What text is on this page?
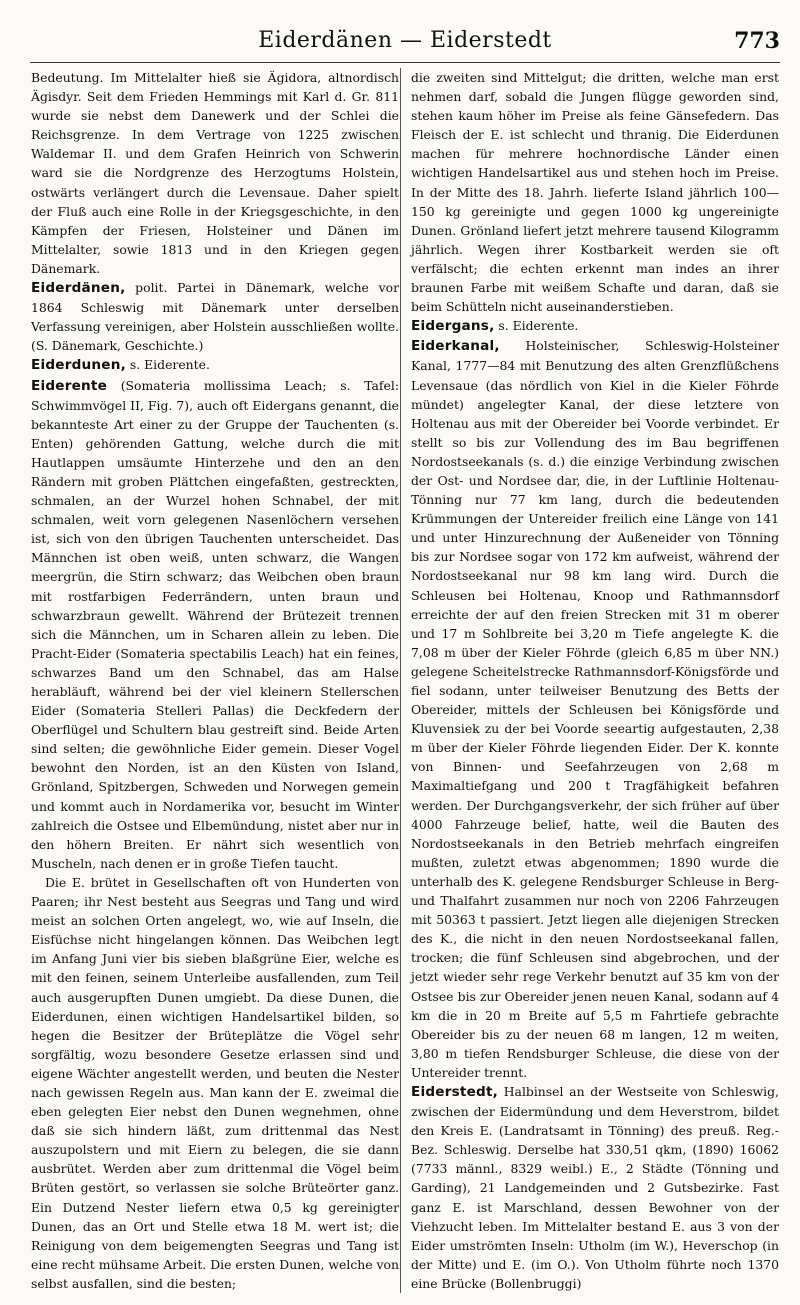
Eiderdänen — Eiderstedt	773

Bedeutung. Im Mittelalter hieß sie Ägidora, altnordisch Ägisdyr. Seit dem Frieden Hemmings mit Karl d. Gr. 811 wurde sie nebst dem Danewerk und der Schlei die Reichsgrenze. In dem Vertrage von 1225 zwischen Waldemar II. und dem Grafen Heinrich von Schwerin ward sie die Nordgrenze des Herzogtums Holstein, ostwärts verlängert durch die Levensaue. Daher spielt der Fluß auch eine Rolle in der Kriegsgeschichte, in den Kämpfen der Friesen, Holsteiner und Dänen im Mittelalter, sowie 1813 und in den Kriegen gegen Dänemark.

Eiderdänen, polit. Partei in Dänemark, welche vor 1864 Schleswig mit Dänemark unter derselben Verfassung vereinigen, aber Holstein ausschließen wollte. (S. Dänemark, Geschichte.)

Eiderdunen, s. Eiderente.

Eiderente (Somateria mollissima Leach; s. Tafel: Schwimmvögel II, Fig. 7), auch oft Eidergans genannt, die bekannteste Art einer zu der Gruppe der Tauchenten (s. Enten) gehörenden Gattung, welche durch die mit Hautlappen umsäumte Hinterzehe und den an den Rändern mit groben Plättchen eingefaßten, gestreckten, schmalen, an der Wurzel hohen Schnabel, der mit schmalen, weit vorn gelegenen Nasenlöchern versehen ist, sich von den übrigen Tauchenten unterscheidet. Das Männchen ist oben weiß, unten schwarz, die Wangen meergrün, die Stirn schwarz; das Weibchen oben braun mit rostfarbigen Federrändern, unten braun und schwarzbraun gewellt. Während der Brütezeit trennen sich die Männchen, um in Scharen allein zu leben. Die Pracht-Eider (Somateria spectabilis Leach) hat ein feines, schwarzes Band um den Schnabel, das am Halse herabläuft, während bei der viel kleinern Stellerschen Eider (Somateria Stelleri Pallas) die Deckfedern der Oberflügel und Schultern blau gestreift sind. Beide Arten sind selten; die gewöhnliche Eider gemein. Dieser Vogel bewohnt den Norden, ist an den Küsten von Island, Grönland, Spitzbergen, Schweden und Norwegen gemein und kommt auch in Nordamerika vor, besucht im Winter zahlreich die Ostsee und Elbemündung, nistet aber nur in den höhern Breiten. Er nährt sich wesentlich von Muscheln, nach denen er in große Tiefen taucht.

Die E. brütet in Gesellschaften oft von Hunderten von Paaren; ihr Nest besteht aus Seegras und Tang und wird meist an solchen Orten angelegt, wo, wie auf Inseln, die Eisfüchse nicht hingelangen können. Das Weibchen legt im Anfang Juni vier bis sieben blaßgrüne Eier, welche es mit den feinen, seinem Unterleibe ausfallenden, zum Teil auch ausgerupften Dunen umgiebt. Da diese Dunen, die Eiderdunen, einen wichtigen Handelsartikel bilden, so hegen die Besitzer der Brüteplätze die Vögel sehr sorgfältig, wozu besondere Gesetze erlassen sind und eigene Wächter angestellt werden, und beuten die Nester nach gewissen Regeln aus. Man kann der E. zweimal die eben gelegten Eier nebst den Dunen wegnehmen, ohne daß sie sich hindern läßt, zum drittenmal das Nest auszupolstern und mit Eiern zu belegen, die sie dann ausbrütet. Werden aber zum drittenmal die Vögel beim Brüten gestört, so verlassen sie solche Brüteörter ganz. Ein Dutzend Nester liefern etwa 0,5 kg gereinigter Dunen, das an Ort und Stelle etwa 18 M. wert ist; die Reinigung von dem beigemengten Seegras und Tang ist eine recht mühsame Arbeit. Die ersten Dunen, welche von selbst ausfallen, sind die besten;

die zweiten sind Mittelgut; die dritten, welche man erst nehmen darf, sobald die Jungen flügge geworden sind, stehen kaum höher im Preise als feine Gänsefedern. Das Fleisch der E. ist schlecht und thranig. Die Eiderdunen machen für mehrere hochnordische Länder einen wichtigen Handelsartikel aus und stehen hoch im Preise. In der Mitte des 18. Jahrh. lieferte Island jährlich 100—150 kg gereinigte und gegen 1000 kg ungereinigte Dunen. Grönland liefert jetzt mehrere tausend Kilogramm jährlich. Wegen ihrer Kostbarkeit werden sie oft verfälscht; die echten erkennt man indes an ihrer braunen Farbe mit weißem Schafte und daran, daß sie beim Schütteln nicht auseinanderstieben.

Eidergans, s. Eiderente.

Eiderkanal, Holsteinischer, Schleswig-Holsteiner Kanal, 1777—84 mit Benutzung des alten Grenzflüßchens Levensaue (das nördlich von Kiel in die Kieler Föhrde mündet) angelegter Kanal, der diese letztere von Holtenau aus mit der Obereider bei Voorde verbindet. Er stellt so bis zur Vollendung des im Bau begriffenen Nordostseekanals (s. d.) die einzige Verbindung zwischen der Ost- und Nordsee dar, die, in der Luftlinie Holtenau-Tönning nur 77 km lang, durch die bedeutenden Krümmungen der Untereider freilich eine Länge von 141 und unter Hinzurechnung der Außeneider von Tönning bis zur Nordsee sogar von 172 km aufweist, während der Nordostseekanal nur 98 km lang wird. Durch die Schleusen bei Holtenau, Knoop und Rathmannsdorf erreichte der auf den freien Strecken mit 31 m oberer und 17 m Sohlbreite bei 3,20 m Tiefe angelegte K. die 7,08 m über der Kieler Föhrde (gleich 6,85 m über NN.) gelegene Scheitelstrecke Rathmannsdorf-Königsförde und fiel sodann, unter teilweiser Benutzung des Betts der Obereider, mittels der Schleusen bei Königsförde und Kluvensiek zu der bei Voorde seeartig aufgestauten, 2,38 m über der Kieler Föhrde liegenden Eider. Der K. konnte von Binnen- und Seefahrzeugen von 2,68 m Maximaltiefgang und 200 t Tragfähigkeit befahren werden. Der Durchgangsverkehr, der sich früher auf über 4000 Fahrzeuge belief, hatte, weil die Bauten des Nordostseekanals in den Betrieb mehrfach eingreifen mußten, zuletzt etwas abgenommen; 1890 wurde die unterhalb des K. gelegene Rendsburger Schleuse in Berg- und Thalfahrt zusammen nur noch von 2206 Fahrzeugen mit 50363 t passiert. Jetzt liegen alle diejenigen Strecken des K., die nicht in den neuen Nordostseekanal fallen, trocken; die fünf Schleusen sind abgebrochen, und der jetzt wieder sehr rege Verkehr benutzt auf 35 km von der Ostsee bis zur Obereider jenen neuen Kanal, sodann auf 4 km die in 20 m Breite auf 5,5 m Fahrtiefe gebrachte Obereider bis zu der neuen 68 m langen, 12 m weiten, 3,80 m tiefen Rendsburger Schleuse, die diese von der Untereider trennt.

Eiderstedt, Halbinsel an der Westseite von Schleswig, zwischen der Eidermündung und dem Heverstrom, bildet den Kreis E. (Landratsamt in Tönning) des preuß. Reg.-Bez. Schleswig. Derselbe hat 330,51 qkm, (1890) 16062 (7733 männl., 8329 weibl.) E., 2 Städte (Tönning und Garding), 21 Landgemeinden und 2 Gutsbezirke. Fast ganz E. ist Marschland, dessen Bewohner von der Viehzucht leben. Im Mittelalter bestand E. aus 3 von der Eider umströmten Inseln: Utholm (im W.), Heverschop (in der Mitte) und E. (im O.). Von Utholm führte noch 1370 eine Brücke (Bollenbruggi)
